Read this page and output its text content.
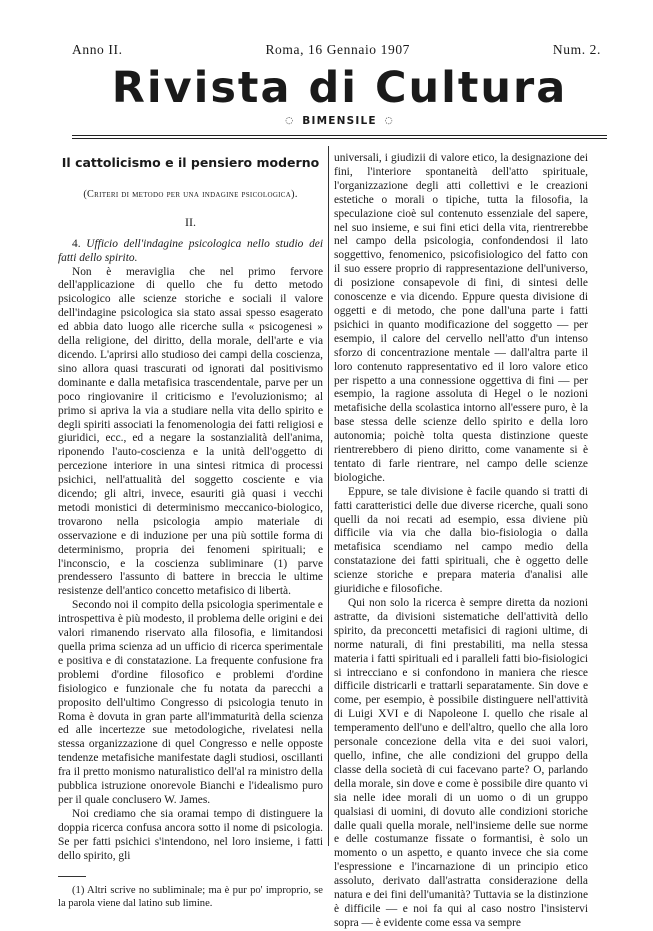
Anno II.	Roma, 16 Gennaio 1907	Num. 2.
Rivista di Cultura
◌ BIMENSILE ◌
Il cattolicismo e il pensiero moderno
(Criteri di metodo per una indagine psicologica).
II.

4. Ufficio dell'indagine psicologica nello studio dei fatti dello spirito.

Non è meraviglia che nel primo fervore dell'applicazione di quello che fu detto metodo psicologico alle scienze storiche e sociali il valore dell'indagine psicologica sia stato assai spesso esagerato ed abbia dato luogo alle ricerche sulla « psicogenesi » della religione, del diritto, della morale, dell'arte e via dicendo. L'aprirsi allo studioso dei campi della coscienza, sino allora quasi trascurati od ignorati dal positivismo dominante e dalla metafisica trascendentale, parve per un poco ringiovanire il criticismo e l'evoluzionismo; al primo si apriva la via a studiare nella vita dello spirito e degli spiriti associati la fenomenologia dei fatti religiosi e giuridici, ecc., ed a negare la sostanzialità dell'anima, riponendo l'auto-coscienza e la unità dell'oggetto di percezione interiore in una sintesi ritmica di processi psichici, nell'attualità del soggetto cosciente e via dicendo; gli altri, invece, esauriti già quasi i vecchi metodi monistici di determinismo meccanico-biologico, trovarono nella psicologia ampio materiale di osservazione e di induzione per una più sottile forma di determinismo, propria dei fenomeni spirituali; e l'inconscio, e la coscienza subliminare (1) parve prendessero l'assunto di battere in breccia le ultime resistenze dell'antico concetto metafisico di libertà.

Secondo noi il compito della psicologia sperimentale e introspettiva è più modesto, il problema delle origini e dei valori rimanendo riservato alla filosofia, e limitandosi quella prima scienza ad un ufficio di ricerca sperimentale e positiva e di constatazione. La frequente confusione fra problemi d'ordine filosofico e problemi d'ordine fisiologico e funzionale che fu notata da parecchi a proposito dell'ultimo Congresso di psicologia tenuto in Roma è dovuta in gran parte all'immaturità della scienza ed alle incertezze sue metodologiche, rivelatesi nella stessa organizzazione di quel Congresso e nelle opposte tendenze metafisiche manifestate dagli studiosi, oscillanti fra il pretto monismo naturalistico dell'al ra ministro della pubblica istruzione onorevole Bianchi e l'idealismo puro per il quale conclusero W. James.

Noi crediamo che sia oramai tempo di distinguere la doppia ricerca confusa ancora sotto il nome di psicologia. Se per fatti psichici s'intendono, nel loro insieme, i fatti dello spirito, gli

(1) Altri scrive no subliminale; ma è pur po' improprio, se la parola viene dal latino sub limine.

universali, i giudizii di valore etico, la designazione dei fini, l'interiore spontaneità dell'atto spirituale, l'organizzazione degli atti collettivi e le creazioni estetiche o morali o tipiche, tutta la filosofia, la speculazione cioè sul contenuto essenziale del sapere, nel suo insieme, e sui fini etici della vita, rientrerebbe nel campo della psicologia, confondendosi il lato soggettivo, fenomenico, psicofisiologico del fatto con il suo essere proprio di rappresentazione dell'universo, di posizione consapevole di fini, di sintesi delle conoscenze e via dicendo. Eppure questa divisione di oggetti e di metodo, che pone dall'una parte i fatti psichici in quanto modificazione del soggetto — per esempio, il calore del cervello nell'atto d'un intenso sforzo di concentrazione mentale — dall'altra parte il loro contenuto rappresentativo ed il loro valore etico per rispetto a una connessione oggettiva di fini — per esempio, la ragione assoluta di Hegel o le nozioni metafisiche della scolastica intorno all'essere puro, è la base stessa delle scienze dello spirito e della loro autonomia; poichè tolta questa distinzione queste rientrerebbero di pieno diritto, come vanamente si è tentato di farle rientrare, nel campo delle scienze biologiche.

Eppure, se tale divisione è facile quando si tratti di fatti caratteristici delle due diverse ricerche, quali sono quelli da noi recati ad esempio, essa diviene più difficile via via che dalla bio-fisiologia o dalla metafisica scendiamo nel campo medio della constatazione dei fatti spirituali, che è oggetto delle scienze storiche e prepara materia d'analisi alle giuridiche e filosofiche.

Qui non solo la ricerca è sempre diretta da nozioni astratte, da divisioni sistematiche dell'attività dello spirito, da preconcetti metafisici di ragioni ultime, di norme naturali, di fini prestabiliti, ma nella stessa materia i fatti spirituali ed i paralleli fatti bio-fisiologici si intrecciano e si confondono in maniera che riesce difficile districarli e trattarli separatamente. Sin dove e come, per esempio, è possibile distinguere nell'attività di Luigi XVI e di Napoleone I. quello che risale al temperamento dell'uno e dell'altro, quello che alla loro personale concezione della vita e dei suoi valori, quello, infine, che alle condizioni del gruppo della classe della società di cui facevano parte? O, parlando della morale, sin dove e come è possibile dire quanto vi sia nelle idee morali di un uomo o di un gruppo qualsiasi di uomini, di dovuto alle condizioni storiche dalle quali quella morale, nell'insieme delle sue norme e delle costumanze fissate o formantisi, è solo un momento o un aspetto, e quanto invece che sia come l'espressione e l'incarnazione di un principio etico assoluto, derivato dall'astratta considerazione della natura e dei fini dell'umanità? Tuttavia se la distinzione è difficile — e noi fa qui al caso nostro l'insistervi sopra — è evidente come essa va sempre
